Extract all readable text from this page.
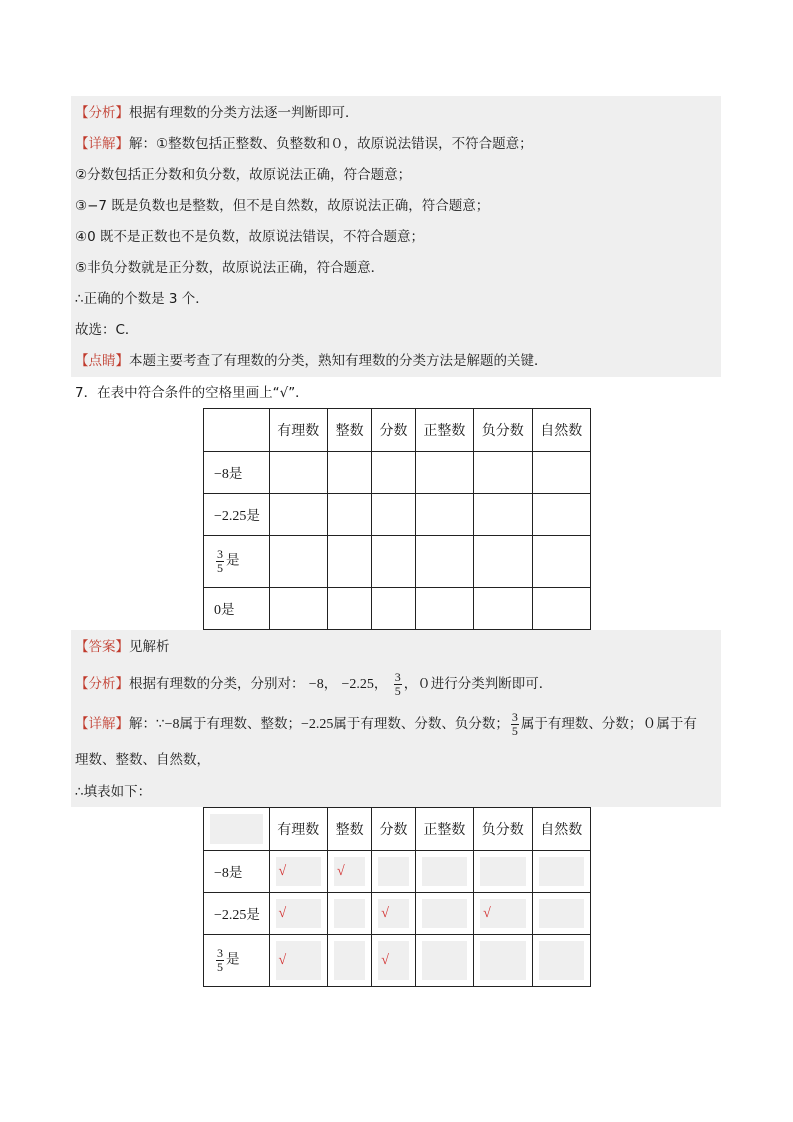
【分析】根据有理数的分类方法逐一判断即可．
【详解】解：①整数包括正整数、负整数和０，故原说法错误，不符合题意；
②分数包括正分数和负分数，故原说法正确，符合题意；
③−7 既是负数也是整数，但不是自然数，故原说法正确，符合题意；
④0 既不是正数也不是负数，故原说法错误，不符合题意；
⑤非负分数就是正分数，故原说法正确，符合题意．
∴正确的个数是 3 个．
故选：C．
【点睛】本题主要考查了有理数的分类，熟知有理数的分类方法是解题的关键．
7．在表中符合条件的空格里画上“√”．
	有理数	整数	分数	正整数	负分数	自然数
−8是						
−2.25是						

$\frac{3}{5}$ 是						
0是						
【答案】见解析
【分析】根据有理数的分类，分别对： −8， −2.25， $\frac{3}{5}$ ，０进行分类判断即可．
【详解】解：∵−8属于有理数、整数；−2.25属于有理数、分数、负分数； $\frac{3}{5}$ 属于有理数、分数；０属于有
理数、整数、自然数，
∴填表如下：
	有理数	整数	分数	正整数	负分数	自然数
−8是	√	√				

−2.25是	√		√		√	

$\frac{3}{5}$ 是	√		√			
